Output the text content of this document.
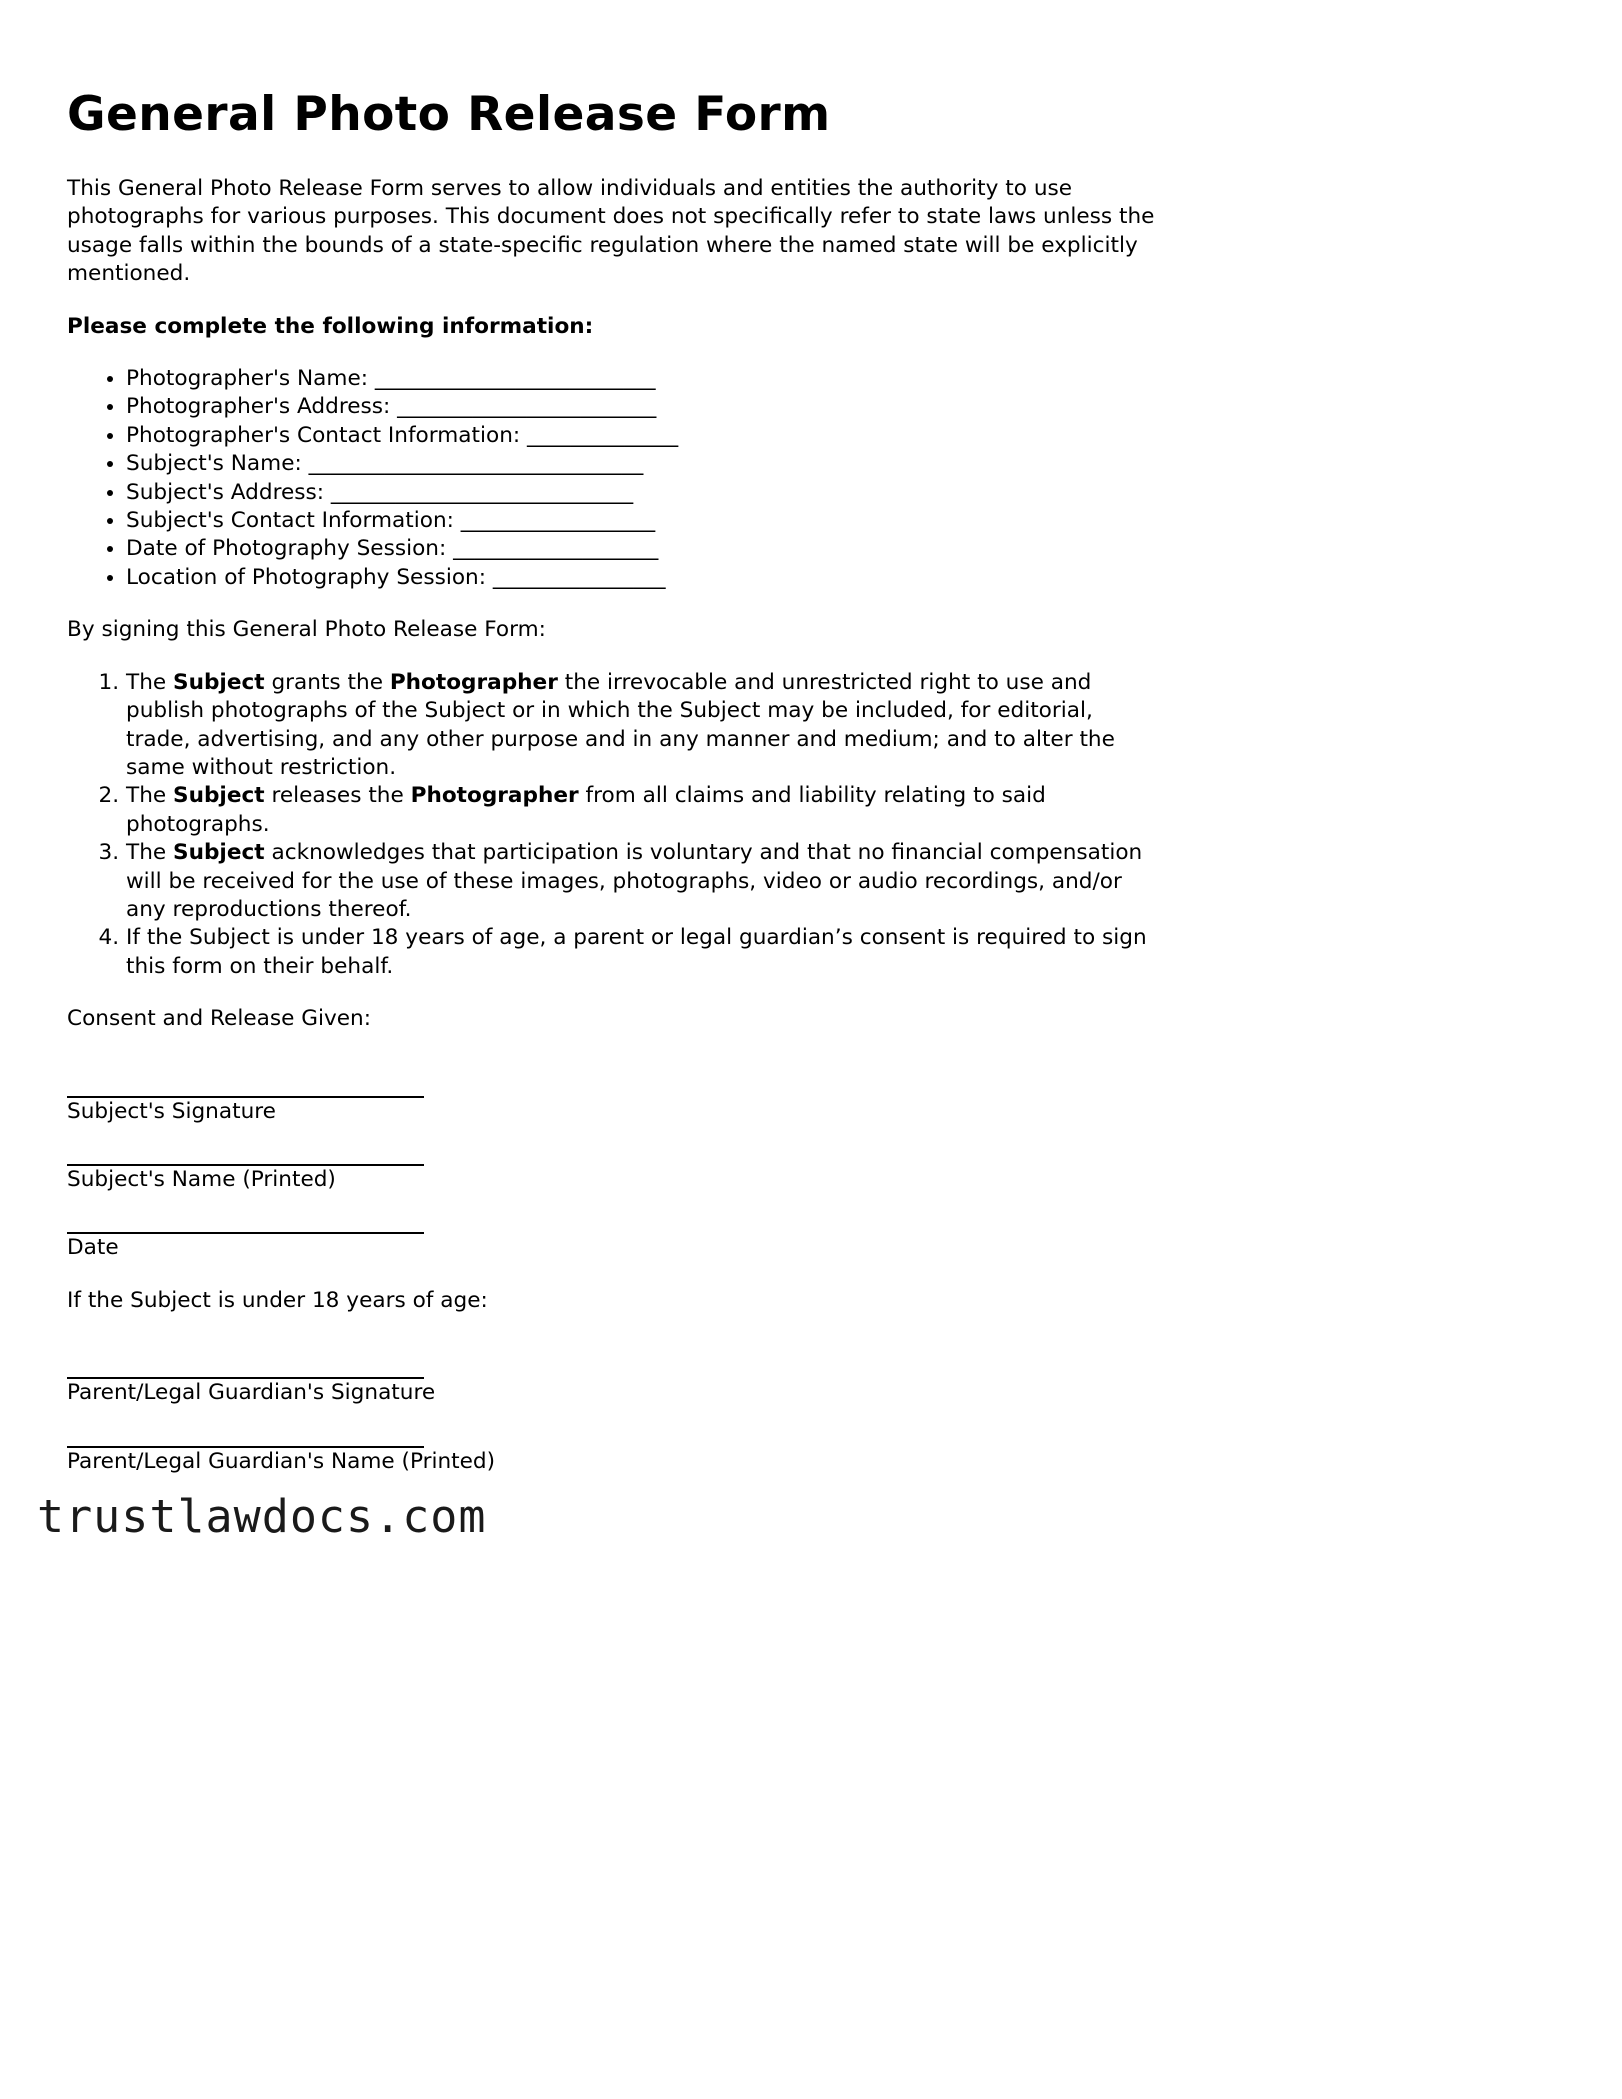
General Photo Release Form

This General Photo Release Form serves to allow individuals and entities the authority to use photographs for various purposes. This document does not specifically refer to state laws unless the usage falls within the bounds of a state-specific regulation where the named state will be explicitly mentioned.

Please complete the following information:

• Photographer's Name: __________________________
• Photographer's Address: ________________________
• Photographer's Contact Information: ______________
• Subject's Name: _______________________________
• Subject's Address: ____________________________
• Subject's Contact Information: __________________
• Date of Photography Session: ___________________
• Location of Photography Session: ________________

By signing this General Photo Release Form:

1. The Subject grants the Photographer the irrevocable and unrestricted right to use and publish photographs of the Subject or in which the Subject may be included, for editorial, trade, advertising, and any other purpose and in any manner and medium; and to alter the same without restriction.
2. The Subject releases the Photographer from all claims and liability relating to said photographs.
3. The Subject acknowledges that participation is voluntary and that no financial compensation will be received for the use of these images, photographs, video or audio recordings, and/or any reproductions thereof.
4. If the Subject is under 18 years of age, a parent or legal guardian’s consent is required to sign this form on their behalf.

Consent and Release Given:

Subject's Signature
Subject's Name (Printed)
Date

If the Subject is under 18 years of age:

Parent/Legal Guardian's Signature
Parent/Legal Guardian's Name (Printed)
trustlawdocs.com
